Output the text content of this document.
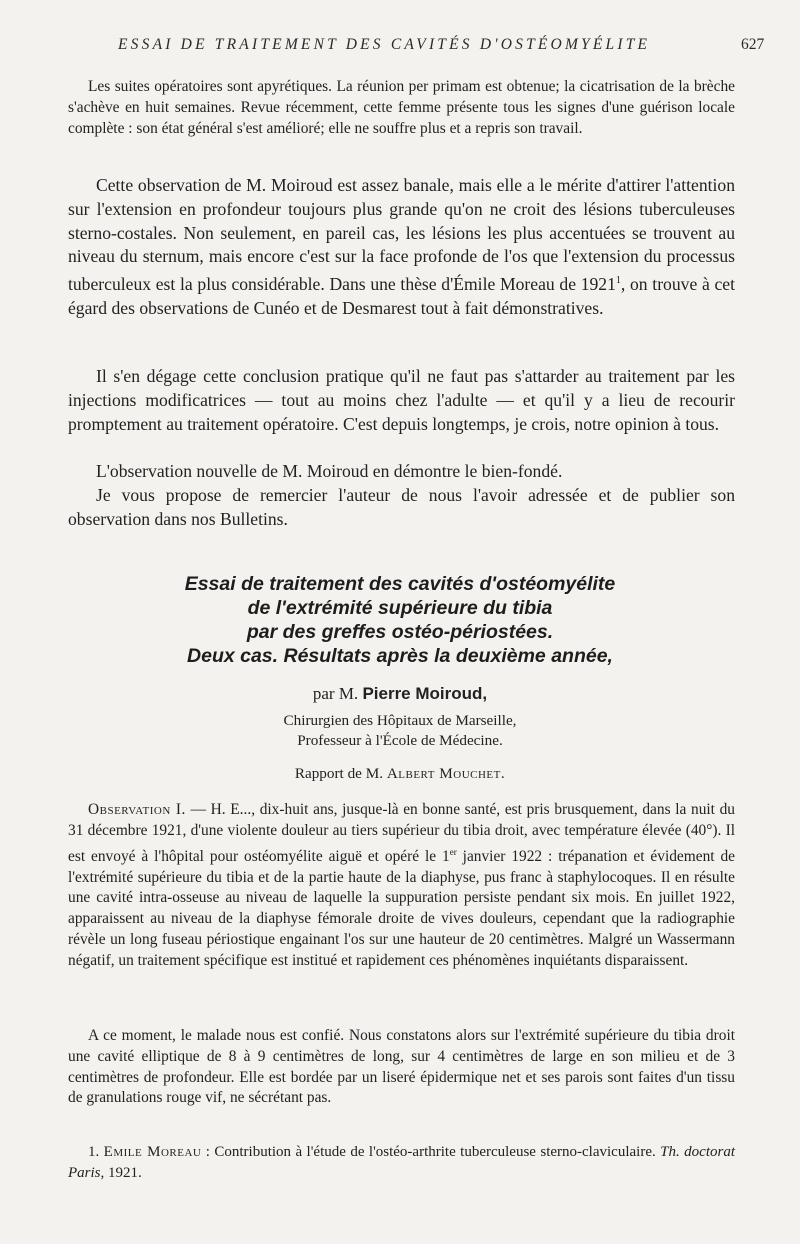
ESSAI DE TRAITEMENT DES CAVITÉS D'OSTÉOMYÉLITE	627

Les suites opératoires sont apyrétiques. La réunion per primam est obtenue; la cicatrisation de la brèche s'achève en huit semaines. Revue récemment, cette femme présente tous les signes d'une guérison locale complète : son état général s'est amélioré; elle ne souffre plus et a repris son travail.

Cette observation de M. Moiroud est assez banale, mais elle a le mérite d'attirer l'attention sur l'extension en profondeur toujours plus grande qu'on ne croit des lésions tuberculeuses sterno-costales. Non seulement, en pareil cas, les lésions les plus accentuées se trouvent au niveau du sternum, mais encore c'est sur la face profonde de l'os que l'extension du processus tuberculeux est la plus considérable. Dans une thèse d'Émile Moreau de 1921$^1$, on trouve à cet égard des observations de Cunéo et de Desmarest tout à fait démonstratives.

Il s'en dégage cette conclusion pratique qu'il ne faut pas s'attarder au traitement par les injections modificatrices — tout au moins chez l'adulte — et qu'il y a lieu de recourir promptement au traitement opératoire. C'est depuis longtemps, je crois, notre opinion à tous.

L'observation nouvelle de M. Moiroud en démontre le bien-fondé.

Je vous propose de remercier l'auteur de nous l'avoir adressée et de publier son observation dans nos Bulletins.

Essai de traitement des cavités d'ostéomyélite
de l'extrémité supérieure du tibia
par des greffes ostéo-périostées.
Deux cas. Résultats après la deuxième année,
par M. Pierre Moiroud,
Chirurgien des Hôpitaux de Marseille,
Professeur à l'École de Médecine.
Rapport de M. Albert Mouchet.

Observation I. — H. E..., dix-huit ans, jusque-là en bonne santé, est pris brusquement, dans la nuit du 31 décembre 1921, d'une violente douleur au tiers supérieur du tibia droit, avec température élevée (40°). Il est envoyé à l'hôpital pour ostéomyélite aiguë et opéré le 1er janvier 1922 : trépanation et évidement de l'extrémité supérieure du tibia et de la partie haute de la diaphyse, pus franc à staphylocoques. Il en résulte une cavité intra-osseuse au niveau de laquelle la suppuration persiste pendant six mois. En juillet 1922, apparaissent au niveau de la diaphyse fémorale droite de vives douleurs, cependant que la radiographie révèle un long fuseau périostique engainant l'os sur une hauteur de 20 centimètres. Malgré un Wassermann négatif, un traitement spécifique est institué et rapidement ces phénomènes inquiétants disparaissent.

A ce moment, le malade nous est confié. Nous constatons alors sur l'extrémité supérieure du tibia droit une cavité elliptique de 8 à 9 centimètres de long, sur 4 centimètres de large en son milieu et de 3 centimètres de profondeur. Elle est bordée par un liseré épidermique net et ses parois sont faites d'un tissu de granulations rouge vif, ne sécrétant pas.

1. Emile Moreau : Contribution à l'étude de l'ostéo-arthrite tuberculeuse sterno-claviculaire. Th. doctorat Paris, 1921.
